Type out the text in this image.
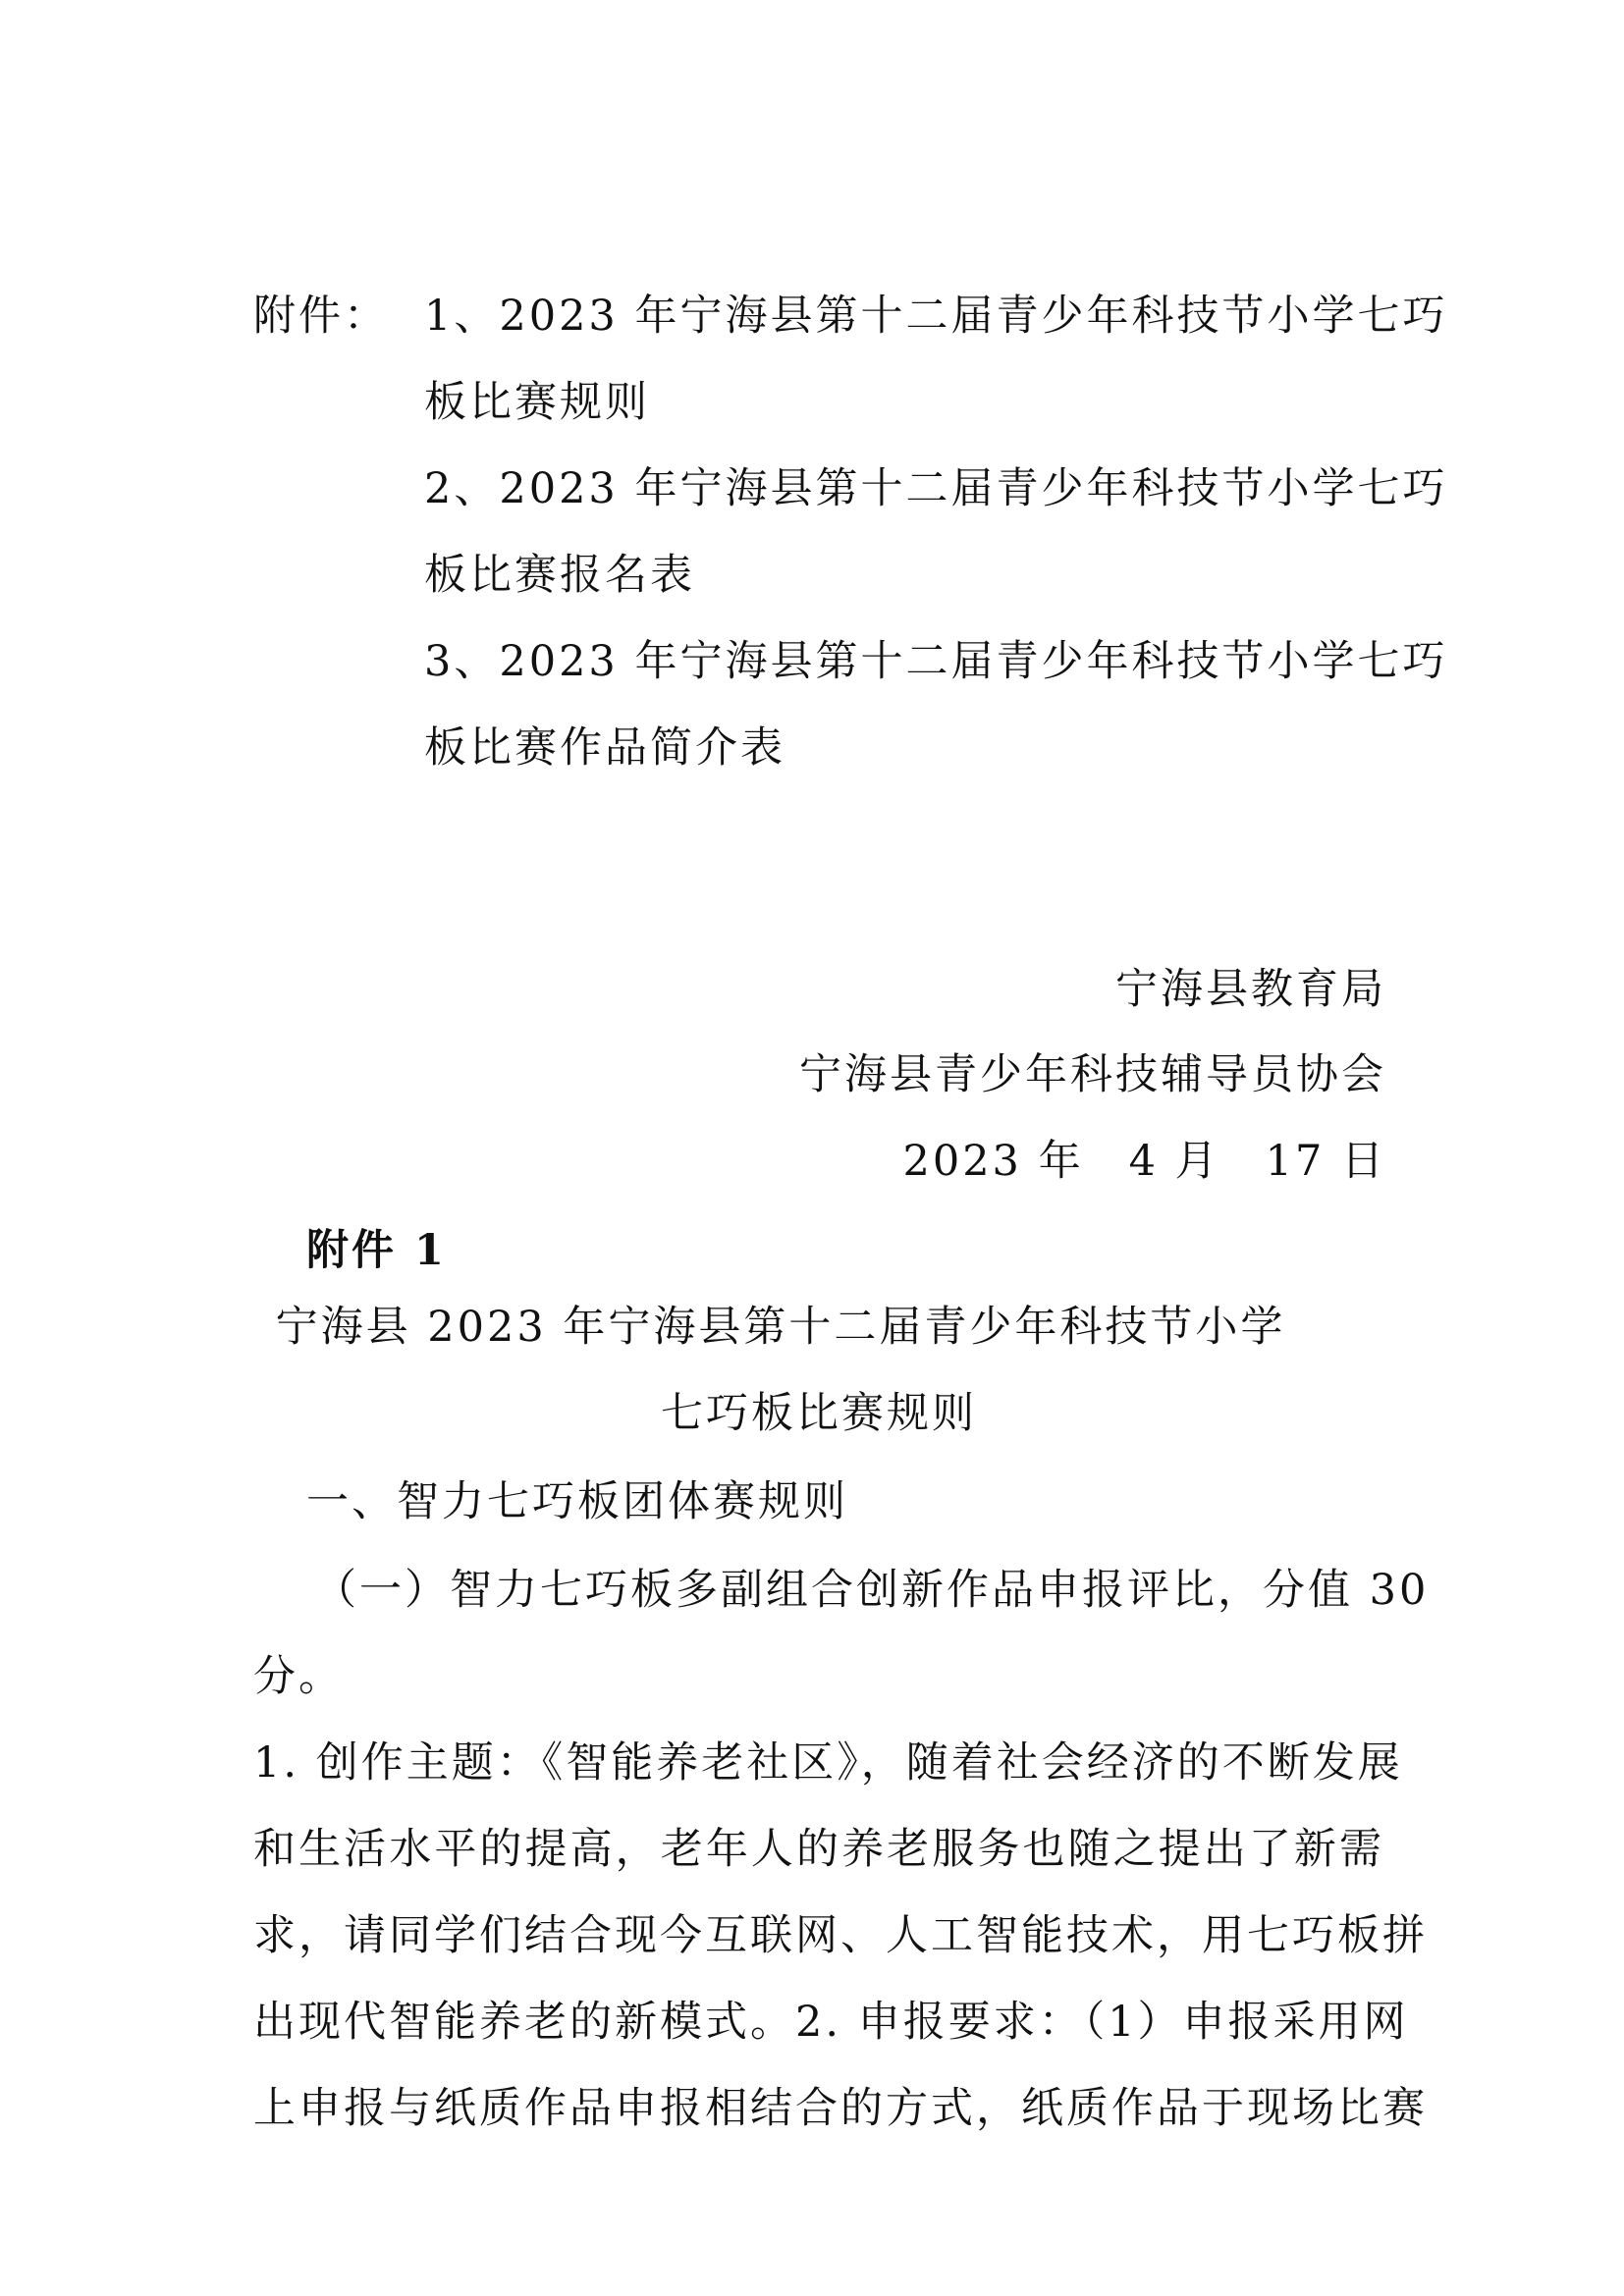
附件： 1、2023 年宁海县第十二届青少年科技节小学七巧
板比赛规则
2、2023 年宁海县第十二届青少年科技节小学七巧
板比赛报名表
3、2023 年宁海县第十二届青少年科技节小学七巧
板比赛作品简介表
宁海县教育局
宁海县青少年科技辅导员协会
2023 年　4 月　17 日
附件 1
宁海县 2023 年宁海县第十二届青少年科技节小学
七巧板比赛规则
一、智力七巧板团体赛规则
（一）智力七巧板多副组合创新作品申报评比，分值 30
分。
1. 创作主题：《智能养老社区》，随着社会经济的不断发展
和生活水平的提高，老年人的养老服务也随之提出了新需
求，请同学们结合现今互联网、人工智能技术，用七巧板拼
出现代智能养老的新模式。2. 申报要求：（1）申报采用网
上申报与纸质作品申报相结合的方式，纸质作品于现场比赛
